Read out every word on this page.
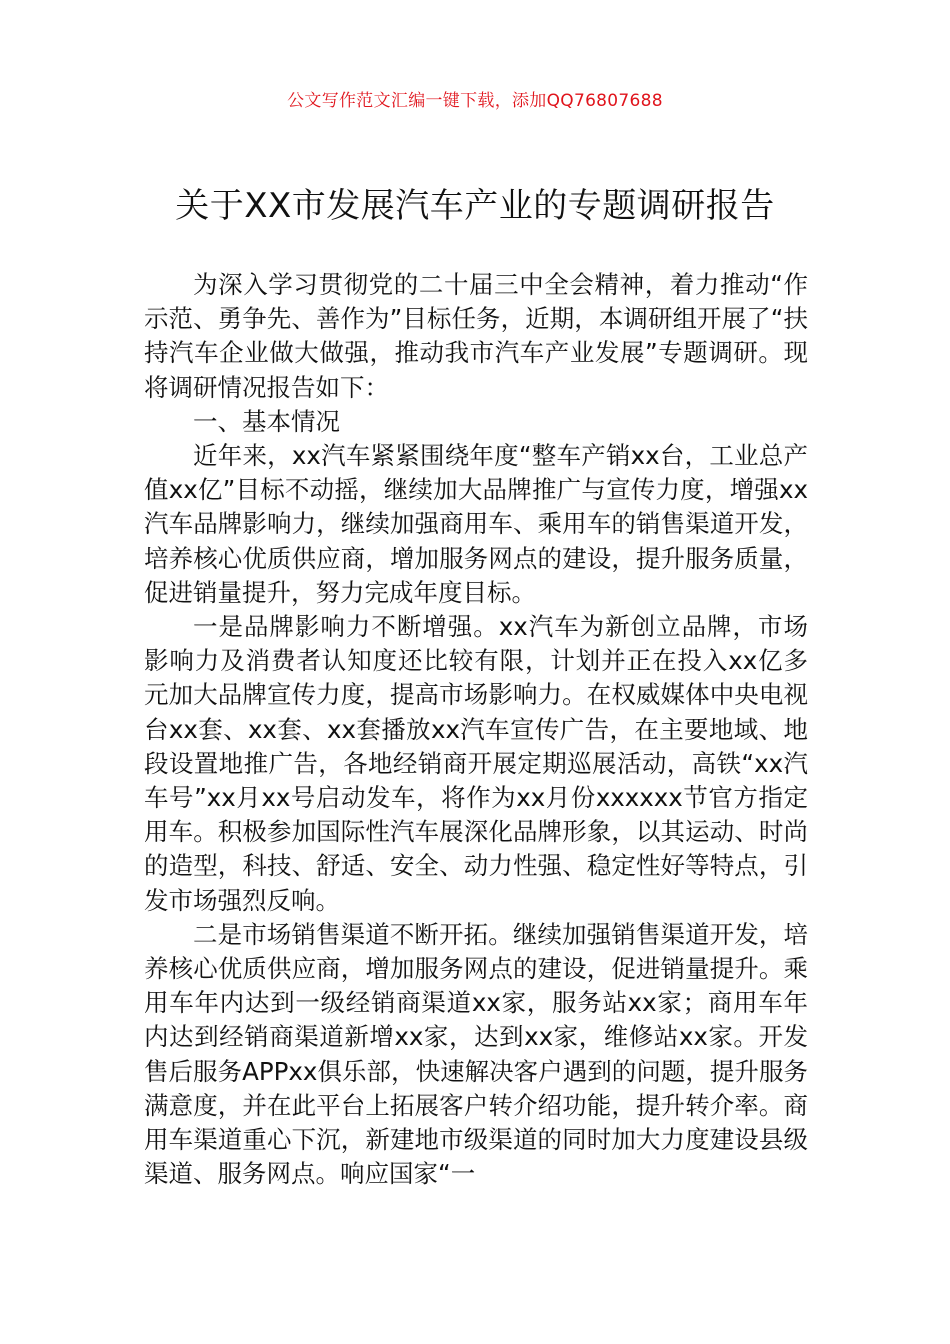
公文写作范文汇编一键下载，添加QQ76807688
关于XX市发展汽车产业的专题调研报告

为深入学习贯彻党的二十届三中全会精神，着力推动“作示范、勇争先、善作为”目标任务，近期，本调研组开展了“扶持汽车企业做大做强，推动我市汽车产业发展”专题调研。现将调研情况报告如下：

一、基本情况

近年来，xx汽车紧紧围绕年度“整车产销xx台，工业总产值xx亿”目标不动摇，继续加大品牌推广与宣传力度，增强xx汽车品牌影响力，继续加强商用车、乘用车的销售渠道开发，培养核心优质供应商，增加服务网点的建设，提升服务质量，促进销量提升，努力完成年度目标。

一是品牌影响力不断增强。xx汽车为新创立品牌，市场影响力及消费者认知度还比较有限，计划并正在投入xx亿多元加大品牌宣传力度，提高市场影响力。在权威媒体中央电视台xx套、xx套、xx套播放xx汽车宣传广告，在主要地域、地段设置地推广告，各地经销商开展定期巡展活动，高铁“xx汽车号”xx月xx号启动发车，将作为xx月份xxxxxx节官方指定用车。积极参加国际性汽车展深化品牌形象，以其运动、时尚的造型，科技、舒适、安全、动力性强、稳定性好等特点，引发市场强烈反响。

二是市场销售渠道不断开拓。继续加强销售渠道开发，培养核心优质供应商，增加服务网点的建设，促进销量提升。乘用车年内达到一级经销商渠道xx家，服务站xx家；商用车年内达到经销商渠道新增xx家，达到xx家，维修站xx家。开发售后服务APPxx俱乐部，快速解决客户遇到的问题，提升服务满意度，并在此平台上拓展客户转介绍功能，提升转介率。商用车渠道重心下沉，新建地市级渠道的同时加大力度建设县级渠道、服务网点。响应国家“一
